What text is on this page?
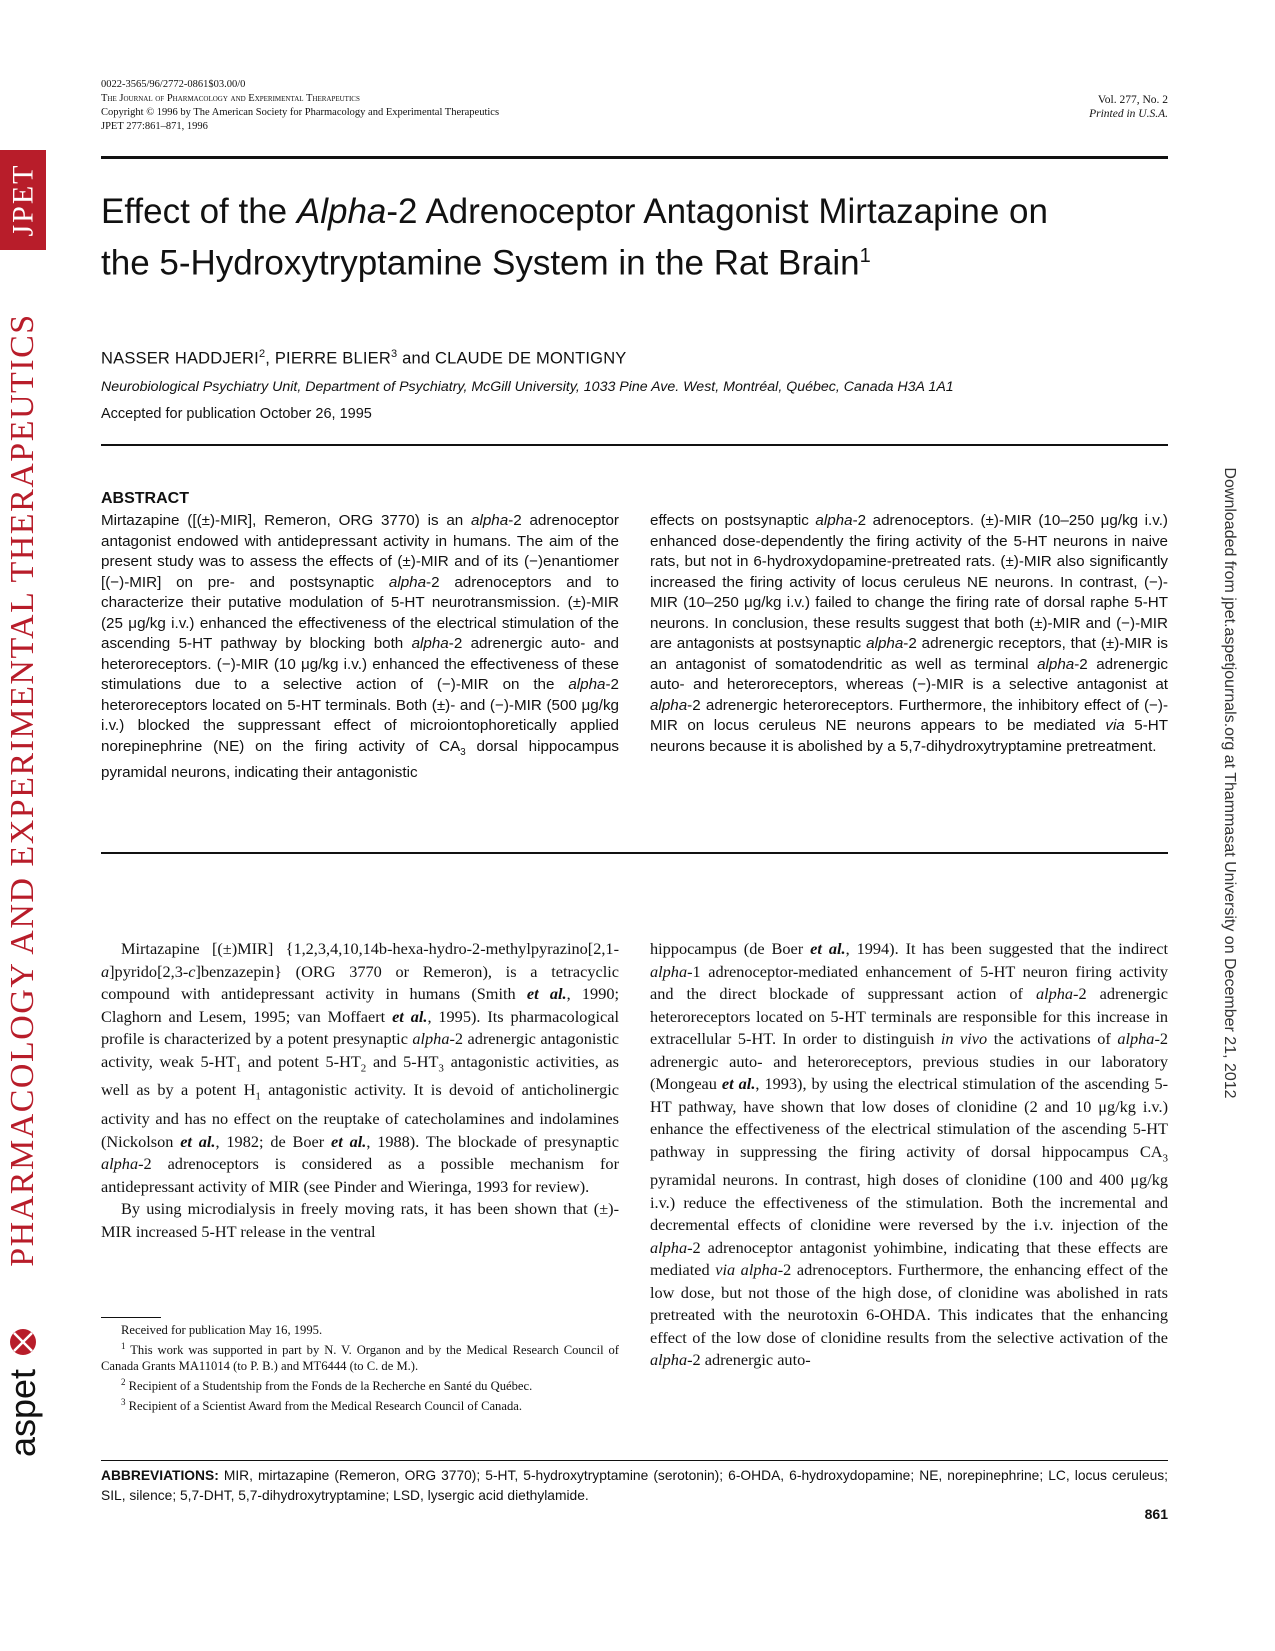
JPET
PHARMACOLOGY AND EXPERIMENTAL THERAPEUTICS
aspet
Downloaded from jpet.aspetjournals.org at Thammasat University on December 21, 2012
0022-3565/96/2772-0861$03.00/0
The Journal of Pharmacology and Experimental Therapeutics
Copyright © 1996 by The American Society for Pharmacology and Experimental Therapeutics
JPET 277:861–871, 1996
Vol. 277, No. 2
Printed in U.S.A.
Effect of the Alpha-2 Adrenoceptor Antagonist Mirtazapine on
the 5-Hydroxytryptamine System in the Rat Brain$^1$
NASSER HADDJERI$^2$, PIERRE BLIER$^3$ and CLAUDE DE MONTIGNY
Neurobiological Psychiatry Unit, Department of Psychiatry, McGill University, 1033 Pine Ave. West, Montréal, Québec, Canada H3A 1A1
Accepted for publication October 26, 1995
ABSTRACT

Mirtazapine ([(±)-MIR], Remeron, ORG 3770) is an alpha-2 adrenoceptor antagonist endowed with antidepressant activity in humans. The aim of the present study was to assess the effects of (±)-MIR and of its (−)enantiomer [(−)-MIR] on pre- and postsynaptic alpha-2 adrenoceptors and to characterize their putative modulation of 5-HT neurotransmission. (±)-MIR (25 μg/kg i.v.) enhanced the effectiveness of the electrical stimulation of the ascending 5-HT pathway by blocking both alpha-2 adrenergic auto- and heteroreceptors. (−)-MIR (10 μg/kg i.v.) enhanced the effectiveness of these stimulations due to a selective action of (−)-MIR on the alpha-2 heteroreceptors located on 5-HT terminals. Both (±)- and (−)-MIR (500 μg/kg i.v.) blocked the suppressant effect of microiontophoretically applied norepinephrine (NE) on the firing activity of $CA_3$ dorsal hippocampus pyramidal neurons, indicating their antagonistic

effects on postsynaptic alpha-2 adrenoceptors. (±)-MIR (10–250 μg/kg i.v.) enhanced dose-dependently the firing activity of the 5-HT neurons in naive rats, but not in 6-hydroxydopamine-pretreated rats. (±)-MIR also significantly increased the firing activity of locus ceruleus NE neurons. In contrast, (−)-MIR (10–250 μg/kg i.v.) failed to change the firing rate of dorsal raphe 5-HT neurons. In conclusion, these results suggest that both (±)-MIR and (−)-MIR are antagonists at postsynaptic alpha-2 adrenergic receptors, that (±)-MIR is an antagonist of somatodendritic as well as terminal alpha-2 adrenergic auto- and heteroreceptors, whereas (−)-MIR is a selective antagonist at alpha-2 adrenergic heteroreceptors. Furthermore, the inhibitory effect of (−)-MIR on locus ceruleus NE neurons appears to be mediated via 5-HT neurons because it is abolished by a 5,7-dihydroxytryptamine pretreatment.

Mirtazapine [(±)MIR] {1,2,3,4,10,14b-hexa-hydro-2-methylpyrazino[2,1-a]pyrido[2,3-c]benzazepin} (ORG 3770 or Remeron), is a tetracyclic compound with antidepressant activity in humans (Smith et al., 1990; Claghorn and Lesem, 1995; van Moffaert et al., 1995). Its pharmacological profile is characterized by a potent presynaptic alpha-2 adrenergic antagonistic activity, weak $5-HT_1$ and potent $5-HT_2$ and $5-HT_3$ antagonistic activities, as well as by a potent $H_1$ antagonistic activity. It is devoid of anticholinergic activity and has no effect on the reuptake of catecholamines and indolamines (Nickolson et al., 1982; de Boer et al., 1988). The blockade of presynaptic alpha-2 adrenoceptors is considered as a possible mechanism for antidepressant activity of MIR (see Pinder and Wieringa, 1993 for review).

By using microdialysis in freely moving rats, it has been shown that (±)-MIR increased 5-HT release in the ventral

hippocampus (de Boer et al., 1994). It has been suggested that the indirect alpha-1 adrenoceptor-mediated enhancement of 5-HT neuron firing activity and the direct blockade of suppressant action of alpha-2 adrenergic heteroreceptors located on 5-HT terminals are responsible for this increase in extracellular 5-HT. In order to distinguish in vivo the activations of alpha-2 adrenergic auto- and heteroreceptors, previous studies in our laboratory (Mongeau et al., 1993), by using the electrical stimulation of the ascending 5-HT pathway, have shown that low doses of clonidine (2 and 10 μg/kg i.v.) enhance the effectiveness of the electrical stimulation of the ascending 5-HT pathway in suppressing the firing activity of dorsal hippocampus $CA_3$ pyramidal neurons. In contrast, high doses of clonidine (100 and 400 μg/kg i.v.) reduce the effectiveness of the stimulation. Both the incremental and decremental effects of clonidine were reversed by the i.v. injection of the alpha-2 adrenoceptor antagonist yohimbine, indicating that these effects are mediated via alpha-2 adrenoceptors. Furthermore, the enhancing effect of the low dose, but not those of the high dose, of clonidine was abolished in rats pretreated with the neurotoxin 6-OHDA. This indicates that the enhancing effect of the low dose of clonidine results from the selective activation of the alpha-2 adrenergic auto-

Received for publication May 16, 1995.

$^1$ This work was supported in part by N. V. Organon and by the Medical Research Council of Canada Grants MA11014 (to P. B.) and MT6444 (to C. de M.).

$^2$ Recipient of a Studentship from the Fonds de la Recherche en Santé du Québec.

$^3$ Recipient of a Scientist Award from the Medical Research Council of Canada.

ABBREVIATIONS: MIR, mirtazapine (Remeron, ORG 3770); 5-HT, 5-hydroxytryptamine (serotonin); 6-OHDA, 6-hydroxydopamine; NE, norepinephrine; LC, locus ceruleus; SIL, silence; 5,7-DHT, 5,7-dihydroxytryptamine; LSD, lysergic acid diethylamide.
861
